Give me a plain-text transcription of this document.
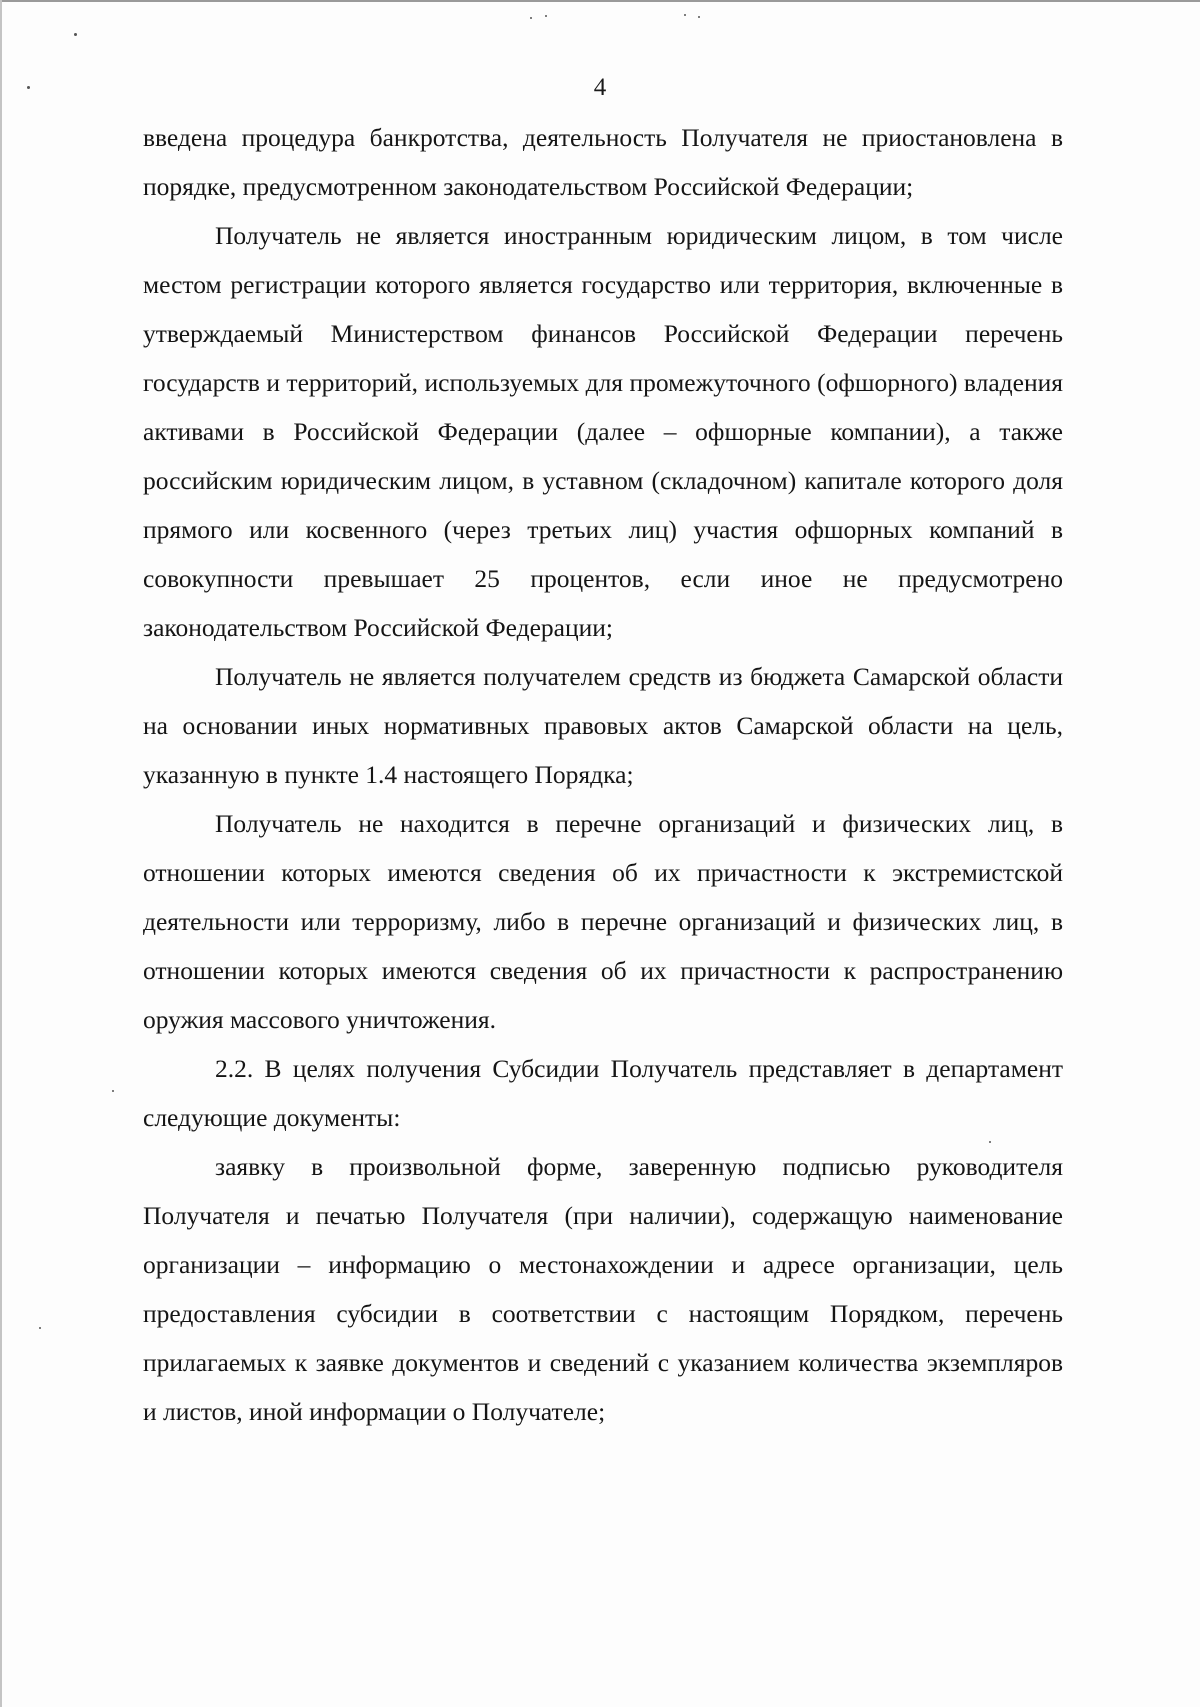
4

введена процедура банкротства, деятельность Получателя не приостановлена в порядке, предусмотренном законодательством Российской Федерации;

Получатель не является иностранным юридическим лицом, в том числе местом регистрации которого является государство или территория, включенные в утверждаемый Министерством финансов Российской Федерации перечень государств и территорий, используемых для промежуточного (офшорного) владения активами в Российской Федерации (далее – офшорные компании), а также российским юридическим лицом, в уставном (складочном) капитале которого доля прямого или косвенного (через третьих лиц) участия офшорных компаний в совокупности превышает 25 процентов, если иное не предусмотрено законодательством Российской Федерации;

Получатель не является получателем средств из бюджета Самарской области на основании иных нормативных правовых актов Самарской области на цель, указанную в пункте 1.4 настоящего Порядка;

Получатель не находится в перечне организаций и физических лиц, в отношении которых имеются сведения об их причастности к экстремистской деятельности или терроризму, либо в перечне организаций и физических лиц, в отношении которых имеются сведения об их причастности к распространению оружия массового уничтожения.

2.2. В целях получения Субсидии Получатель представляет в департамент следующие документы:

заявку в произвольной форме, заверенную подписью руководителя Получателя и печатью Получателя (при наличии), содержащую наименование организации – информацию о местонахождении и адресе организации, цель предоставления субсидии в соответствии с настоящим Порядком, перечень прилагаемых к заявке документов и сведений с указанием количества экземпляров и листов, иной информации о Получателе;
